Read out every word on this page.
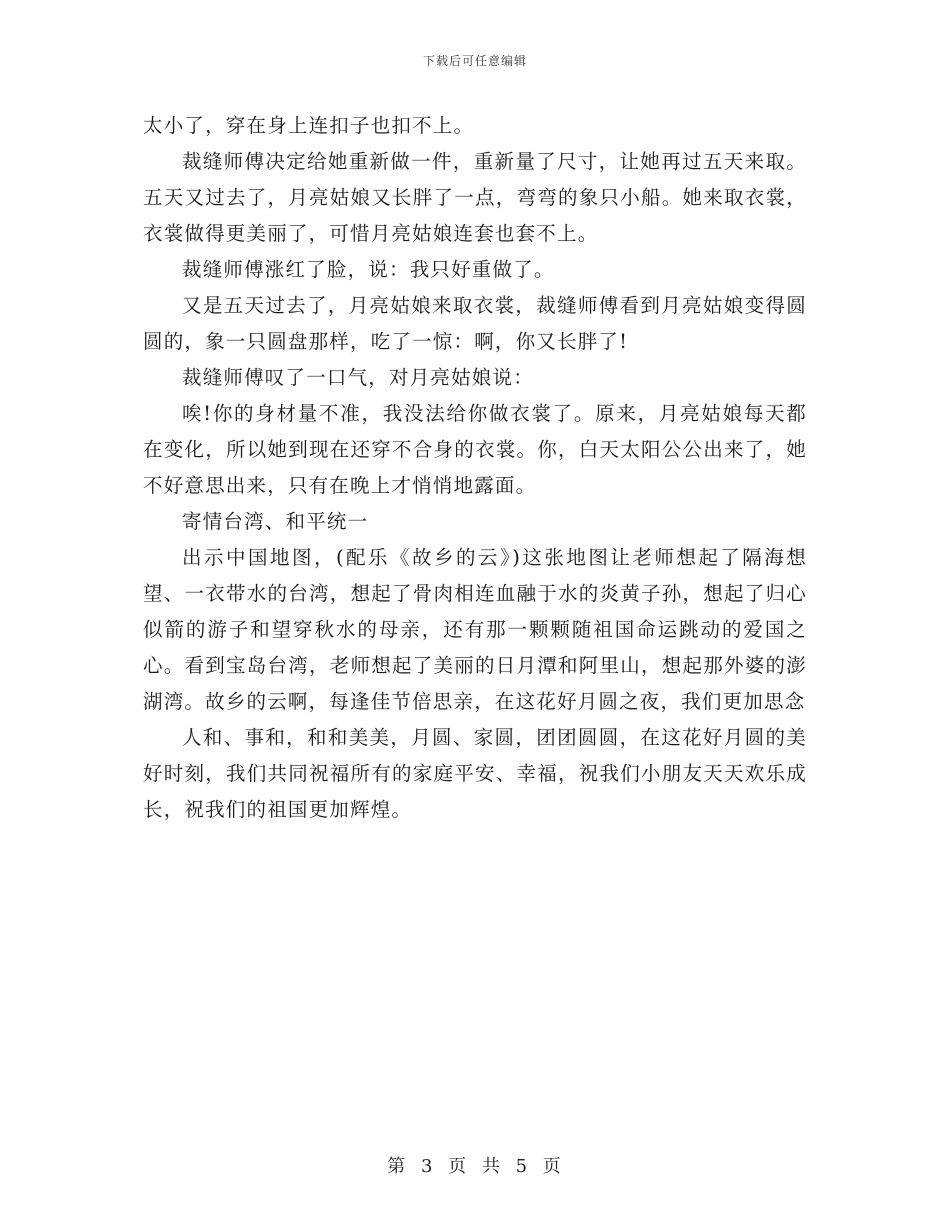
下载后可任意编辑

太小了，穿在身上连扣子也扣不上。

裁缝师傅决定给她重新做一件，重新量了尺寸，让她再过五天来取。五天又过去了，月亮姑娘又长胖了一点，弯弯的象只小船。她来取衣裳，衣裳做得更美丽了，可惜月亮姑娘连套也套不上。

裁缝师傅涨红了脸，说：我只好重做了。

又是五天过去了，月亮姑娘来取衣裳，裁缝师傅看到月亮姑娘变得圆圆的，象一只圆盘那样，吃了一惊：啊，你又长胖了!

裁缝师傅叹了一口气，对月亮姑娘说：

唉!你的身材量不准，我没法给你做衣裳了。原来，月亮姑娘每天都在变化，所以她到现在还穿不合身的衣裳。你，白天太阳公公出来了，她不好意思出来，只有在晚上才悄悄地露面。

寄情台湾、和平统一

出示中国地图，(配乐《故乡的云》)这张地图让老师想起了隔海想望、一衣带水的台湾，想起了骨肉相连血融于水的炎黄子孙，想起了归心似箭的游子和望穿秋水的母亲，还有那一颗颗随祖国命运跳动的爱国之心。看到宝岛台湾，老师想起了美丽的日月潭和阿里山，想起那外婆的澎湖湾。故乡的云啊，每逢佳节倍思亲，在这花好月圆之夜，我们更加思念

人和、事和，和和美美，月圆、家圆，团团圆圆，在这花好月圆的美好时刻，我们共同祝福所有的家庭平安、幸福，祝我们小朋友天天欢乐成长，祝我们的祖国更加辉煌。

第 3 页 共 5 页
